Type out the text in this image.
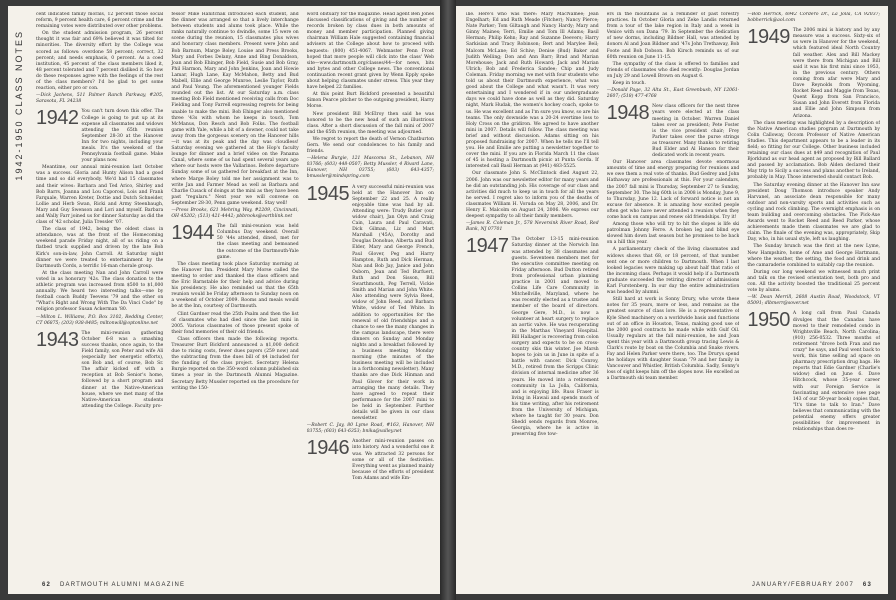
1942-1950 CLASS NOTES

cent indicated family morals, 12 percent those social reform, 9 percent health care, 6 percent crime and the remaining votes were distributed over other problems.

On the student admission program, 26 percent thought it was fair and 69% believed it was tilted for minorities. The diversity effort by the College was scored as follows: overdone 58 percent; correct, 32 percent; and needs emphasis, 0 percent. As a coed institution, 45 percent of the class members liked it, 48 percent tolerated and 7 percent disliked it. So how do these responses agree with the feelings of the rest of the class members? I'd be glad to get some reaction, either pro or con.

—Dick Jachens, 511 Palmer Ranch Parkway, #205, Sarasota, FL 34238

1942 You can't turn down this offer. The College is going to put up at its expense all classmates and widows attending the 65th reunion September 28-30 at the Hanover Inn for two nights, including your meals. It's the weekend of the Pennsylvania football game. Make your plans now.

Meantime, our annual mini-reunion last October was a success. Gloria and Hunty Alison had a good time and so did everybody. We'd had 15 classmates and their wives: Barbara and Ted Arico, Shirley and Bob Barrs, Joanna and Lou Caporosi, Lois and Frank Farquale, Warren Kreter, Dottie and Dutch Schneider, Lollie and Herb Swan, Ricki and Army Steenbaugh, Mary and Guy Swenson and Lori and myself. Barbara and Wally Farr joined us for dinner Saturday as did the class of '42 scholar, Julia Tressler '07.

The class of 1942, being the oldest class in attendance, was at the front of the Homecoming weekend parade Friday night, all of us riding on a flatbed truck supplied and driven by the late Bob Kirk's son-in-law, John Carroll. At Saturday night dinner we were treated to entertainment by the Dartmouth Cords, a terrific 16-man chorale group.

At the class meeting Nan and John Carroll were voted in as honorary '42s. The class donation to the athletic program was increased from $500 to $1,000 annually. We heard two interesting talks—one by football coach Buddy Teevens '79 and the other on "What's Right and Wrong With The Da Vinci Code" by religion professor Susan Ackerman '80.

—Milton L. Williams, P.O. Box 3102, Redding Center, CT 06875; (203) 938-8485; miltonwill@optonline.net

1943 The mini-reunion gathering October 6-8 was a smashing success thanks, once again, to the Field family, son Peter and wife Ali (especially her energetic efforts), son Bob and, of course, Bob Sr. The affair kicked off with a reception at Bob Senior's home, followed by a short program and dinner at the Native-American house, where we met many of the Native-American students attending the College. Faculty pro-

fessor Mike Hanitchak introduced each student, and the dinner was arranged so that a lively interchange between students and alums took place. While the ranks naturally continue to dwindle, some 15 were on scene during the reunion, 15 classmates plus wives and honorary class members. Present were John and Bob Barnum, Marge Boley, Louise and Press Brooks, Mary and Forbes Delany, Anne and Bing Donaldson, Joan and Bob Ehinger, Bob Field, Susie and Bob Gray, Phil Harmon, Mary and John Jenkins, Joan and Howie Lamar, Hugh Lane, Kay McMahon, Betty and Bud Mabell, Ellie and George Munroe, Leslie Taylor, Ruth and Paul Young. The aforementioned younger Fields rounded out the list. At our Saturday a.m. class meeting Bob Field mentioned receiving calls from Doc Fielding and Tony Farrell expressing regrets for being unable to make the mini. Bob Ehinger also mentioned three '43s with whom he keeps in touch, Tom McManus, Don Resch and Bob Folks. The football game with Yale, while a bit of a downer, could not take away from the gorgeous scenery on the Hanover hills—it was at its peak and the day was cloudless! Saturday evening we gathered at the Hop's faculty lounge for dinner and a brief video on the Panama Canal, where some of us had spent several years ago where our hosts were the Vallarinos. Before departure Sunday some of us gathered for breakfast at the Inn, where Marge Boley told me her assignment was to write Jan and Farmer Mead as well as Barbara and Charlie Cusack of doings at the mini as they have been past "regulars." Next year we will convene on September 28-30, Penn game weekend. Stay well!

—Press Brooks, 621 Mehring Way, #2209, Cincinnati, OH 45202; (513) 421-4442; pbbrooks@earthlink.net

1944 The fall mini-reunion was held Columbus Day weekend. Overall 50 '44s attended, dined, met for the class meeting and bemoaned the outcome of the Dartmouth-Yale game.

The class meeting took place Saturday morning at the Hanover Inn. President Mary Morse called the meeting to order and thanked the class officers and the Eric Barnstable for their help and advice during his presidency. He also reminded us that the 65th reunion would be Friday afternoon to Sunday noon on a weekend of October 2009. Rooms and meals would be at the Inn, courtesy of Dartmouth.

Clint Gardner read the 25th Psalm and then the list of classmates who had died since the last mini in 2005. Various classmates of those present spoke of their fond memories of their old friends.

Class officers then made the following reports. Treasurer Burt Bickford announced a $1,000 deficit due to rising costs, fewer dues payers (259 now) and the subtracting from the dues bill of $4 included for the funding of the class project. Secretary Helena Burgie reported on the 350-word column published six times a year in the Dartmouth Alumni Magazine. Secretary Betty Mussler reported on the procedure for writing the 150-

word obituary for the magazine. Head agent Ben Jones discussed classifications of giving and the number of records broken by class dues in both amounts of money and member participation. Planned giving chairman William Hale suggested containing financial advisers at the College about how to proceed with bequests: (800) 451-4067. Webmaster Penn Frost hoped that more people will click into the class' Web site—www.dartmouth.org/classes/44—for news, bits and bytes and other College news. The conventional continuation recent grant given by Wenn Epply spoke about helping classmates under stress. This year they have helped 22 families.

At this point Burt Bickford presented a beautiful Simon Pearce pitcher to the outgoing president, Harry Morse.

New president Bill McElroy then said he was honored to be the new head of such an illustrious class. After a short discussion of the fall mini of 2007 and the 65th reunion, the meeting was adjourned.

We regret to report the death of Vernon Chatburton Gern. We send our condolences to his family and friends.

—Helena Burgie, 121 Mascoma St., Lebanon, NH 03766; (603) 448-0507; Betty Mussler, 4 Rivard Lane, Hanover, NH 03755; (603) 643-4357; bmussler@mindspring.com

1945 A very successful mini-reunion was held at the Hanover Inn on September 22 and 25. A really enjoyable time was had by all. Attending were: Trudy Butler (our widow chair), Jan Olyn and Craig Cain, Laura and Paul Caravati, Dick Gilman, Liz and Mart Marshall ('45A), Dorothy and Douglas Donohue, Alberta and Bud Elder, Mary and George French, Paul Glover, Peg and Harry Hampton, Ruth and Dick Herman, Nan and Bob Jay, Janice and John Osborn, Jean and Ted Burfuert, Ruth and Don Sisson, Bill Swarthmouth, Peg Terrell, Vickie Smith and Marian and John White. Also attending were Sylvia Reed, widow of John Reed, and Barbara White, widow of Ted White. In addition to opportunities for the renewal of old friendships and a chance to see the many changes in the campus landscape, there were dinners on Sunday and Monday nights and a breakfast followed by a business meeting Monday morning (the minutes of the business meeting will be included in a forthcoming newsletter). Many thanks are due Dick Hinman and Paul Glover for their work in arranging the many details. They have agreed to repeat their performance for the 2007 mini to be held in September. Further details will be given in our class newsletter.

—Robert C. Jay, 80 Lyme Road, #163, Hanover, NH 03755; (603) 643-6353; bnika@valley.net

1946 Another mini-reunion passes on into history. And a wonderful one it was. We attracted 32 persons for some or all of the festivities. Everything went as planned mainly because of the efforts of president Tom Adams and wife Em-
62 DARTMOUTH ALUMNI MAGAZINE

ilie. Here's who was there: Mary MacNamee; Jean Engelhart; Ed and Ruth Meade (Fitcher); Nancy Pierce; Nate Parker; Tom Giltaugh and Nancy Hardy; Mary and Ginny Maines; Terri, Emilie and Tom Ill Adams; Basil Herman; Philip Kehn; Ray and Suzanne Deevers; Harry Sarkisian and Tracy Robinson; Bert and Marylee Beil; Malcom McLane; Ed Schiw; Denise (Bud) Baker and Judith Welling; Don and Ann Barr; Brad and Marian Morehouse; Jack and Ruth Howard; Jack and Marian Ulrich; Bob and Frederica Sandee; Chip and Judy Coleman. Friday morning we met with four students who told us about their Dartmouth experience, what was good about the College and what wasn't. It was very entertaining and I wondered if in our undergraduate days we could have done as well as they did. Saturday night, Mark Hudak, the women's hockey coach, spoke to us. He was excellent and as I'm sure you know, so are his teams. The only downside was a 20-24 overtime loss to Holy Cross on the gridiron. We agreed to have another mini in 2007. Details will follow. The class meeting was brief and without discussion. Adams sitting on his proposed fundraising for 2007. When he tells me I'll tell you. He and Emilie are putting a newsletter together to cover the mini. If you are in Florida March 11 the class of 45 is hosting a Dartmouth picnic at Punta Gorda. If interested call Basil Herman at (941) 483-5525.

Our classmate John S. McClintock died August 22, 2006. John was our newsletter editor for many years and he did an outstanding job. His coverage of our class and activities did much to keep us in touch for all the years he served. I regret also to inform you of the deaths of classmates William H. Voruda on May 28, 2006, and Dr. Henry E. Malcolm on August 24, 2006. We express our deepest sympathy to all their family members.

—James R. Coleman Jr., 578 Neversink River Road, Red Bank, NJ 07701

1947 The October 13-15 mini-reunion Saturday dinner at the Norwich Inn was attended by 38 classmates and guests. Seventeen members met for the executive committee meeting on Friday afternoon. Bud Dutton retired from professional urban planning practice in 2001 and moved to Collins Life Care Community in Mitchellville, Maryland, where he was recently elected as a trustee and member of the board of directors. George Gere, M.D., is now a volunteer at heart surgery to replace an aortic valve. He was recuperating in the Marthas Vineyard Hospital. Bill Hallager is recovering from colon surgery and expects to be on cross-country skis this winter. Joe Marsh hopes to join us in June in spite of a battle with cancer. Dick Conroy, M.D., retired from the Scripps Clinic division of internal medicine after 36 years. He moved into a retirement community in La Jolla, California, and is enjoying life. Russ Fraser is living in Hawaii and spends much of his time writing, after his retirement from the University of Michigan, where he taught for 30 years. Don Shedd sends regards from Monroe, Georgia, where he is active in preserving five tow-

ers in the mountains as a reminder of past forestry practices. In October Gloria and Zeke Landis returned from a tour of the lake region in Italy and a week in Venice with son Dana '79. In September the dedication of new dorms, including Bildner Hall, was attended by donors Al and Joan Bildner and '47s John Trethaway, Bob Foote and Bob Dobson. Bob Kirsch reminds us of our 60th reunion on June 11-15.

The sympathy of the class is offered to families and friends of classmates who died recently: Douglas Jordan on July 29 and Lowell Brown on August 6.

Keep in touch.

—Donald Page, 32 Alta St., East Greenbush, NY 12061-2607; (518) 477-4768

1948 New class officers for the next three years were elected at the class meeting in October. Warren Daniel takes over as president; Pete Foster is the vice president chair; Frey Parker takes over the purse strings as treasurer. Many thanks to retiring Bud Elder and Al Hanson for their dedicated work in recent years.

Our Hanover area classmates devote enormous amounts of time and energy preparing for reunions and we owe them a real vote of thanks. Bud Gedrey and John Hathaway are professionals at this. For your calendars, the 2007 fall mini is Thursday, September 27 to Sunday, September 30. The big 60th is in 2008 is Monday, June 9, to Thursday, June 12. Lack of forward notice is not an excuse for absence. It is amazing how excited people often get who have never attended a reunion when they come back on campus and renew old friendships. Try it!

Among those who will try to hit the slopes is life ski patrolman Johnny Ferre. A broken leg and blind eye slowed him down last season but he promises to be back on a hill this year.

A parliamentary check of the living classmates and widows shows that 68, or 18 percent, of that number sent one or more children to Dartmouth. When I last looked legacies were making up about half that ratio of the incoming class. Perhaps it would help if a Dartmouth graduate succeeded the retiring director of admissions Karl Furstenberg. In our day the entire administration was headed by alumni.

Still hard at work is Sonny Drury, who wrote these notes for 35 years, more or less, and remains as the greatest source of class lore. He is a representative of Kyle Shed machinery on a worldwide basis and functions out of an office in Houston, Texas, making good use of the 2000 good contracts he made while with Gulf Oil. Usually regulars at the fall mini-reunion, he and Joan spent this year with a Dartmouth group tracing Lewis & Clark's route by boat on the Columbia and Snake rivers. Fay and Helen Parker were there, too. The Drurys spend the holidays with daughter Susan '79 and her family in Vancouver and Whistler, British Columbia. Sadly, Sonny's loss of sight keeps him off the slopes now. He excelled as a Dartmouth ski team member.

—Bob Herrick, 6942 Cordero Dr., La Jolla, CA 92037; bobherrick@aol.com

1949 The 2006 mini is history and by any measure was a success. Sixty-six of us were in Hanover for the weekend, which featured ideal North Country fall weather. Alex and Bill Mackey were there from Michigan and Bill said it was his first mini since 1953, in the previous century. Others coming from afar were Mary and Dave Reynolds from Wyoming, Rocket Reed and Maggie from Texas, Quent Kopp from San Francisco, Susan and John Everett from Florida and Ellie and John Simpson from Arizona.

The class meeting was highlighted by a description of the Native American studies program at Dartmouth by Colin Calloway, Occom Professor of Native American Studies. This department appears to be a leader in its field; so fitting for our College. Other business included retaining our class dues at $49 and recognition of Paul Bjorklund as our head agent as proposed by Bill Ballard and passed by acclamation. Bob Alden declared their May trip to Sicily a success and plans another to Ireland, probably in May. Those interested should contact Bob.

The Saturday evening dinner at the Hanover Inn saw president Doug Thomson introduce speaker Andy Harvanel, an associate dean responsible for many outdoor and non-varsity sports and activities such as cycling and rock climbing. The overnight emphasis is on team building and overcoming obstacles. The Pick-Axe Awards went to Rocket Reed and Reed Parker, whose achievements made them classmates we are glad to claim. The finale of the evening was, appropriately, Skip Day, who, in his usual style, left us laughing.

The Sunday brunch was the first at the new Lyme, New Hampshire, home of Ame and George Hartmann, where the weather, the setting, the food and drink and the camaraderie combined to suitably cap the reunion.

During our long weekend we witnessed much print and talk on the revised orientation test, both pro and con. All the activity boosted the traditional 25 percent vote by alums.

—W. Dean Merrill, 2608 Austin Road, Woodstock, VT 05091; dlbmerr@sover.net

1950 A long call from Paul Canada divulges that the Canadas have moved to their remodeled condo in Wrightsville Beach, North Carolina; (910) 256-0532. Three months of retirement "drove both Fran and me crazy" he says, and Paul went back to work, this time selling ad space on pharmacy prescription drug bags. He reports that Edie Gardner (Charlie's widow) died on June 6. Dave Hitchcock, whose 35-year career with our Foreign Service is fascinating and extensive (see page 143 of our 50-year book) copies that, "It's time to talk to Iran." Dave believes that communicating with the potential enemy offers greater possibilities for improvement in relationships than does re-
JANUARY/FEBRUARY 2007 63
